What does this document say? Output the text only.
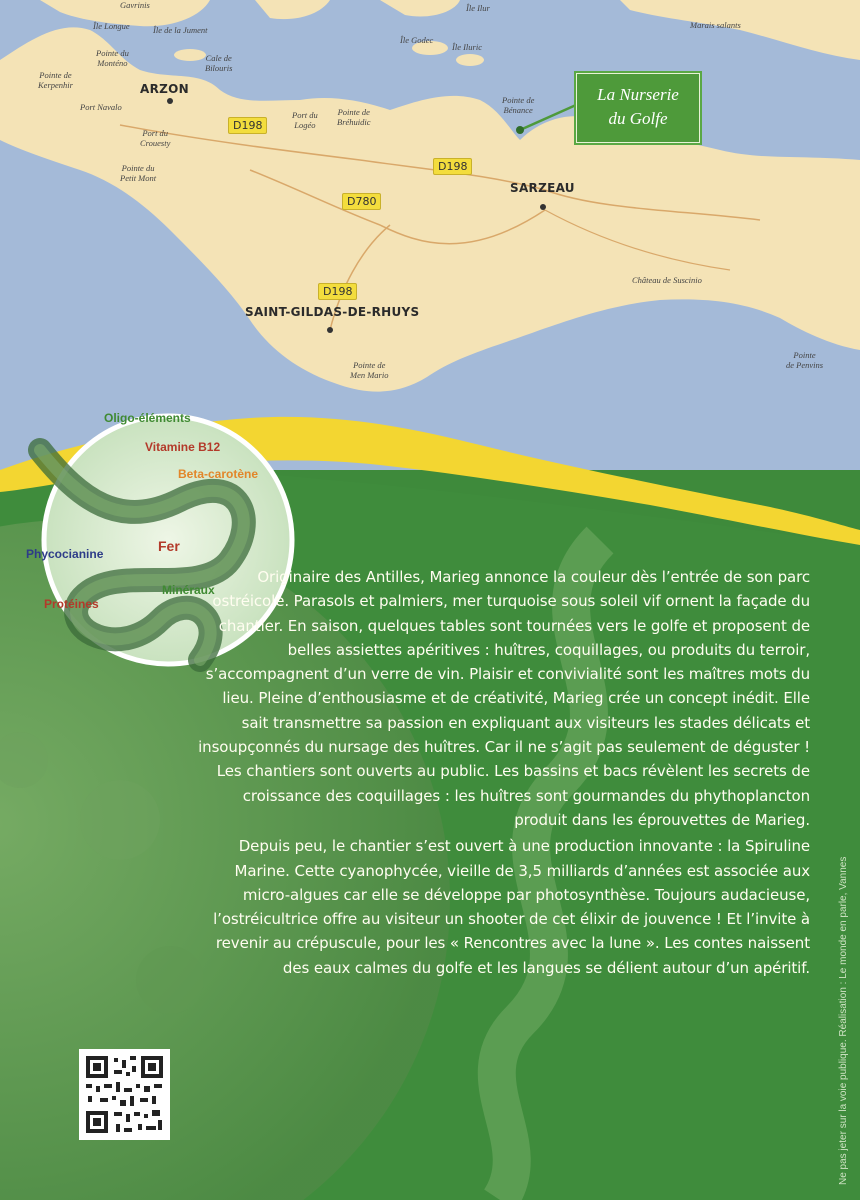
ARZON
SARZEAU
SAINT-GILDAS-DE-RHUYS
D198
D198
D780
D198
Gavrinis
Île Longue	Île de la Jument
Île Ilur
Marais salants
Pointe du
Monténo	Cale de
Bilouris
Île Godec
Île Iluric
Pointe de
Kerpenhir
Port Navalo
Port du
Logéo
Pointe de
Bréhuidic
Pointe de
Bénance
Port du
Crouesty
Pointe du
Petit Mont
Château de Suscinio
Pointe de
Men Mario
Pointe
de Penvins
La Nurserie
du Golfe
Oligo-éléments
Vitamine B12
Beta-carotène
Phycocianine	Fer
Minéraux
Protéines

Originaire des Antilles, Marieg annonce la couleur dès l’entrée de son parc ostréicole. Parasols et palmiers, mer turquoise sous soleil vif ornent la façade du chantier. En saison, quelques tables sont tournées vers le golfe et proposent de belles assiettes apéritives : huîtres, coquillages, ou produits du terroir, s’accompagnent d’un verre de vin. Plaisir et convivialité sont les maîtres mots du lieu. Pleine d’enthousiasme et de créativité, Marieg crée un concept inédit. Elle sait transmettre sa passion en expliquant aux visiteurs les stades délicats et insoupçonnés du nursage des huîtres. Car il ne s’agit pas seulement de déguster ! Les chantiers sont ouverts au public. Les bassins et bacs révèlent les secrets de croissance des coquillages : les huîtres sont gourmandes du phythoplancton produit dans les éprouvettes de Marieg.

Depuis peu, le chantier s’est ouvert à une production innovante : la Spiruline Marine. Cette cyanophycée, vieille de 3,5 milliards d’années est associée aux micro-algues car elle se développe par photosynthèse. Toujours audacieuse, l’ostréicultrice offre au visiteur un shooter de cet élixir de jouvence ! Et l’invite à revenir au crépuscule, pour les « Rencontres avec la lune ». Les contes naissent des eaux calmes du golfe et les langues se délient autour d’un apéritif.	Ne pas jeter sur la voie publique. Réalisation : Le monde en parle, Vannes
